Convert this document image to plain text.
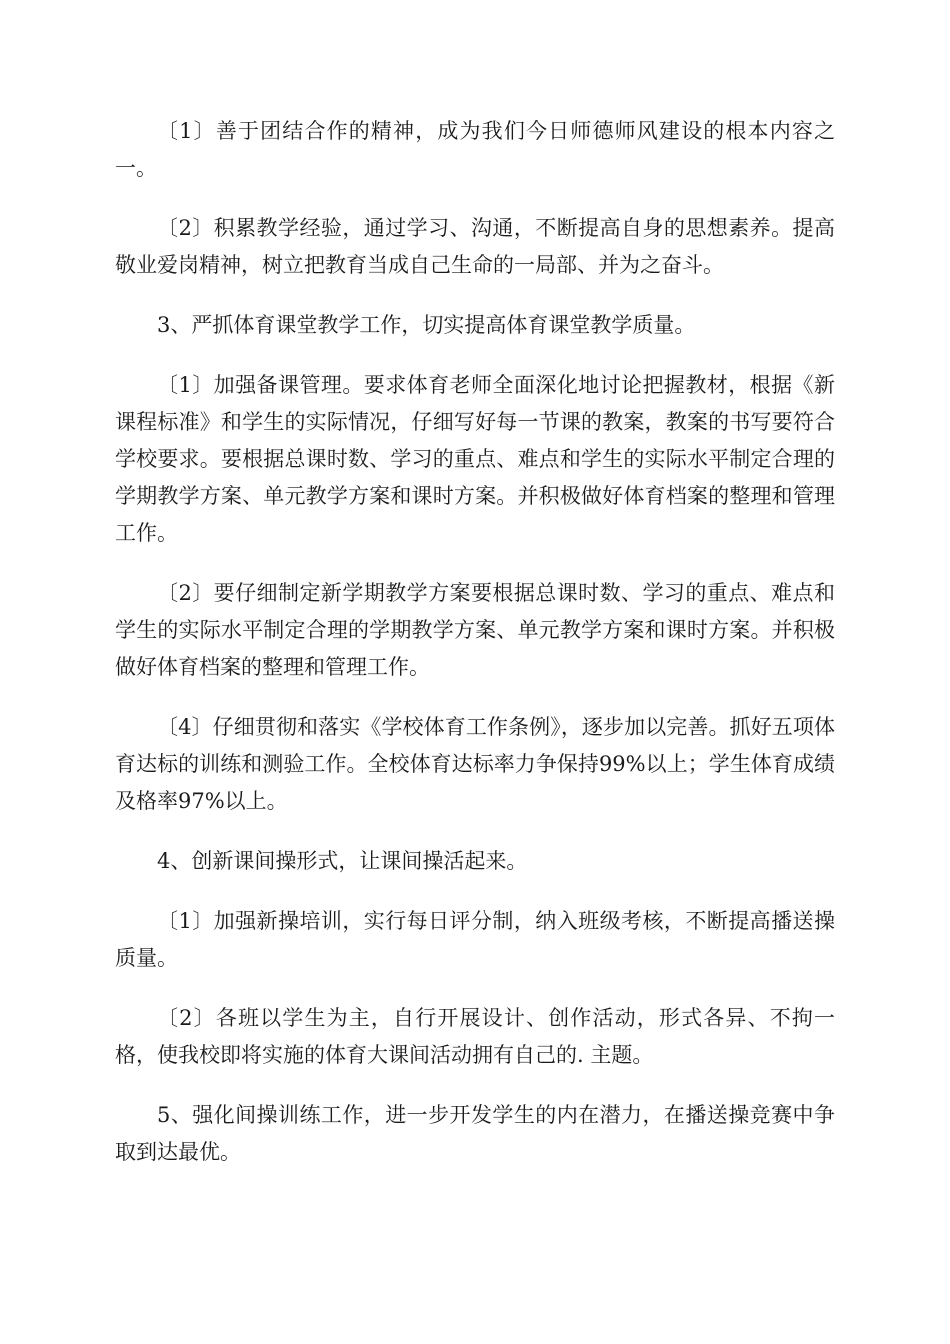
〔1〕善于团结合作的精神，成为我们今日师德师风建设的根本内容之一。

〔2〕积累教学经验，通过学习、沟通，不断提高自身的思想素养。提高敬业爱岗精神，树立把教育当成自己生命的一局部、并为之奋斗。

3、严抓体育课堂教学工作，切实提高体育课堂教学质量。

〔1〕加强备课管理。要求体育老师全面深化地讨论把握教材，根据《新课程标准》和学生的实际情况，仔细写好每一节课的教案，教案的书写要符合学校要求。要根据总课时数、学习的重点、难点和学生的实际水平制定合理的学期教学方案、单元教学方案和课时方案。并积极做好体育档案的整理和管理工作。

〔2〕要仔细制定新学期教学方案要根据总课时数、学习的重点、难点和学生的实际水平制定合理的学期教学方案、单元教学方案和课时方案。并积极做好体育档案的整理和管理工作。

〔4〕仔细贯彻和落实《学校体育工作条例》，逐步加以完善。抓好五项体育达标的训练和测验工作。全校体育达标率力争保持99%以上；学生体育成绩及格率97%以上。

4、创新课间操形式，让课间操活起来。

〔1〕加强新操培训，实行每日评分制，纳入班级考核，不断提高播送操质量。

〔2〕各班以学生为主，自行开展设计、创作活动，形式各异、不拘一格，使我校即将实施的体育大课间活动拥有自己的. 主题。

5、强化间操训练工作，进一步开发学生的内在潜力，在播送操竞赛中争取到达最优。
